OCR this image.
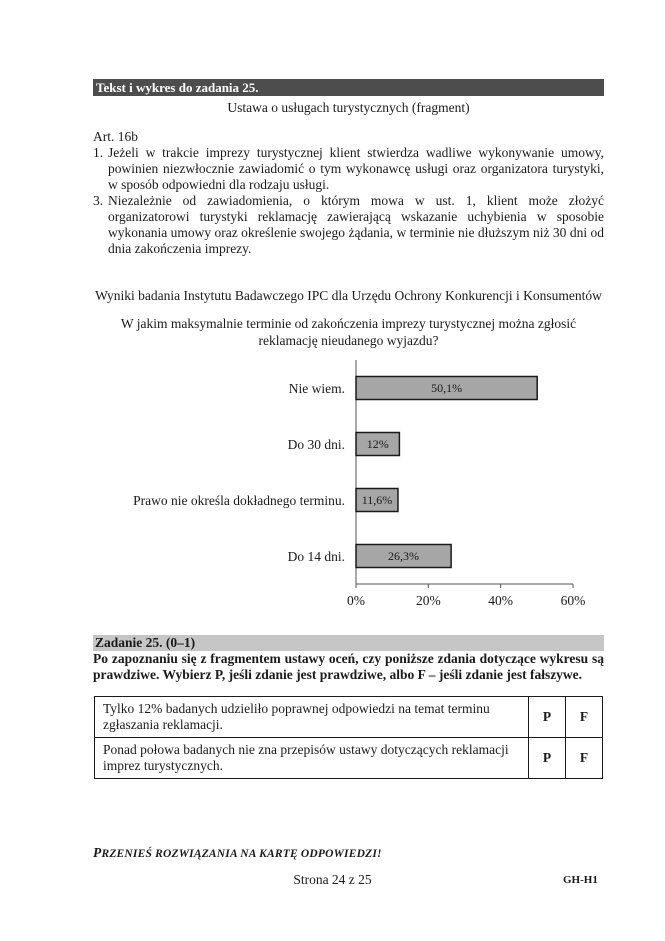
Tekst i wykres do zadania 25.
Ustawa o usługach turystycznych (fragment)
Art. 16b
1. Jeżeli w trakcie imprezy turystycznej klient stwierdza wadliwe wykonywanie umowy, powinien niezwłocznie zawiadomić o tym wykonawcę usługi oraz organizatora turystyki, w sposób odpowiedni dla rodzaju usługi.
3. Niezależnie od zawiadomienia, o którym mowa w ust. 1, klient może złożyć organizatorowi turystyki reklamację zawierającą wskazanie uchybienia w sposobie wykonania umowy oraz określenie swojego żądania, w terminie nie dłuższym niż 30 dni od dnia zakończenia imprezy.
Wyniki badania Instytutu Badawczego IPC dla Urzędu Ochrony Konkurencji i Konsumentów
W jakim maksymalnie terminie od zakończenia imprezy turystycznej można zgłosić reklamację nieudanego wyjazdu?
0%	20%	40%	60%
Nie wiem.	50,1%
Do 30 dni. 12%
Prawo nie określa dokładnego terminu. 11,6%
Do 14 dni.	26,3%
Zadanie 25. (0–1)
Po zapoznaniu się z fragmentem ustawy oceń, czy poniższe zdania dotyczące wykresu są prawdziwe. Wybierz P, jeśli zdanie jest prawdziwe, albo F – jeśli zdanie jest fałszywe.
Tylko 12% badanych udzieliło poprawnej odpowiedzi na temat terminu zgłaszania reklamacji.	P	F
Ponad połowa badanych nie zna przepisów ustawy dotyczących reklamacji imprez turystycznych.	P	F
PRZENIEŚ ROZWIĄZANIA NA KARTĘ ODPOWIEDZI!
Strona 24 z 25	GH-H1
